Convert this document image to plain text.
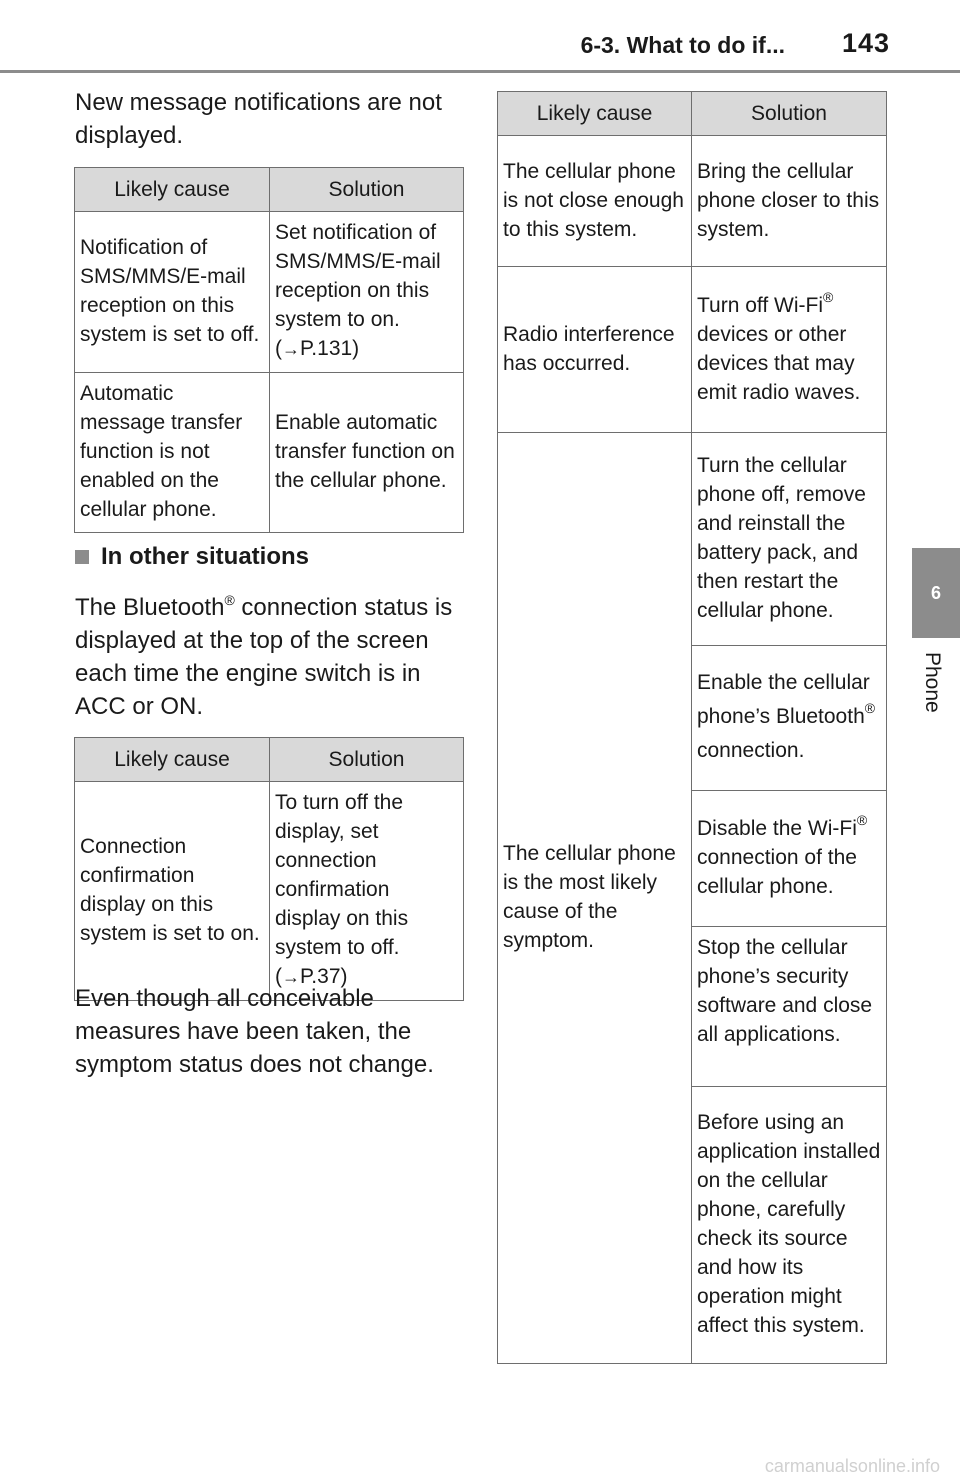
6-3. What to do if... 143
6
Phone
New message notifications are not displayed.
Likely cause	Solution
Notification of SMS/MMS/E-mail reception on this system is set to off.	Set notification of SMS/MMS/E-mail reception on this system to on. (→P.131)
Automatic message transfer function is not enabled on the cellular phone.	Enable automatic transfer function on the cellular phone.
In other situations
The Bluetooth® connection status is displayed at the top of the screen each time the engine switch is in ACC or ON.
Likely cause	Solution
Connection confirmation display on this system is set to on.	To turn off the display, set connection confirmation display on this system to off. (→P.37)
Even though all conceivable measures have been taken, the symptom status does not change.
Likely cause	Solution
The cellular phone is not close enough to this system.	Bring the cellular phone closer to this system.
Radio interference has occurred.	Turn off Wi-Fi® devices or other devices that may emit radio waves.
The cellular phone is the most likely cause of the symptom.	Turn the cellular phone off, remove and reinstall the battery pack, and then restart the cellular phone.
	Enable the cellular phone’s Bluetooth® connection.
	Disable the Wi-Fi® connection of the cellular phone.
	Stop the cellular phone’s security software and close all applications.
	Before using an application installed on the cellular phone, carefully check its source and how its operation might affect this system.
carmanualsonline.info
